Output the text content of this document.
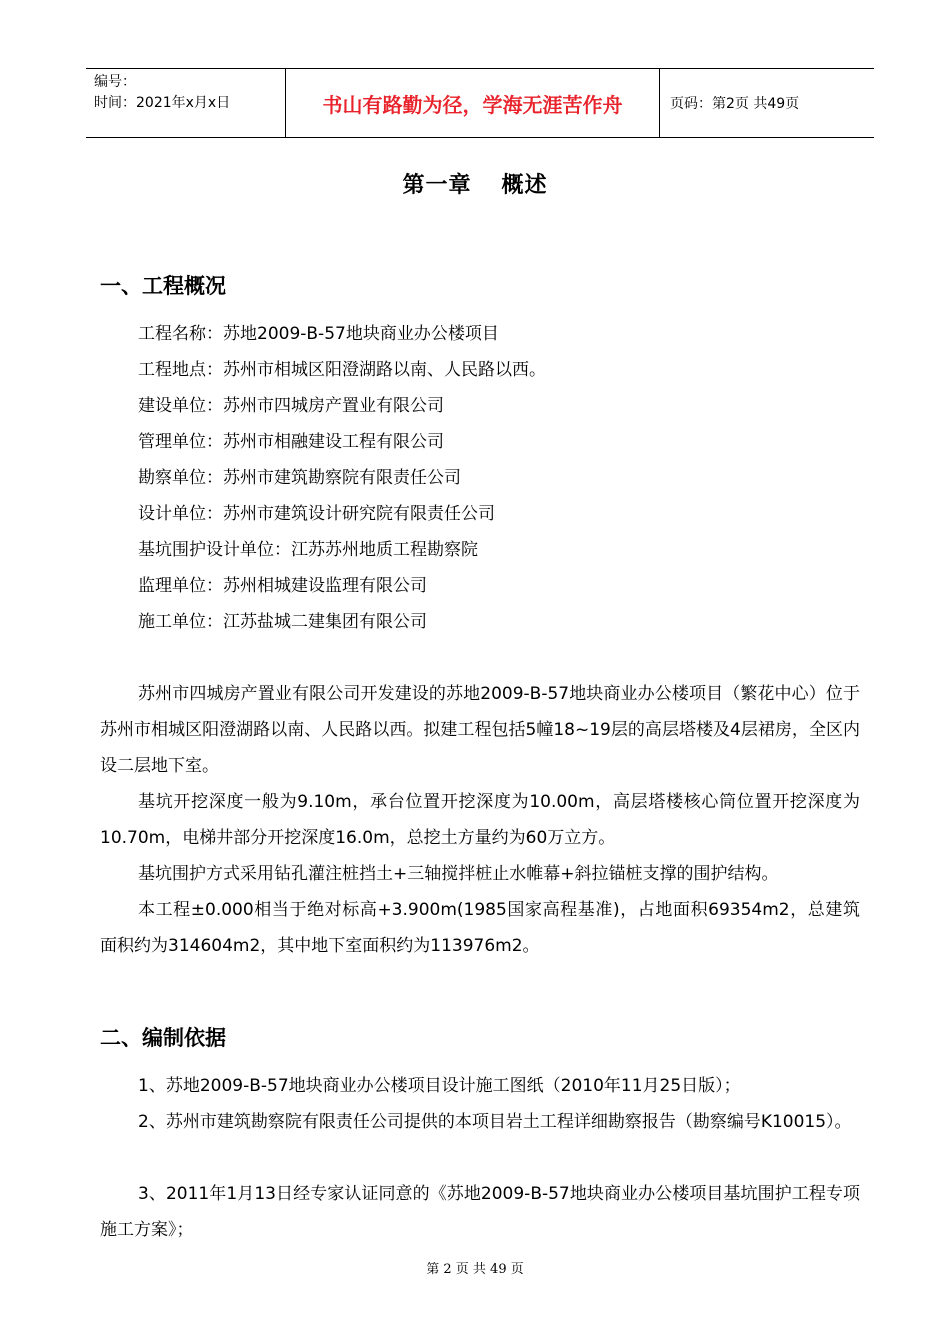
编号：
时间：2021年x月x日	书山有路勤为径，学海无涯苦作舟	页码：第2页 共49页
第一章 概述
一、工程概况
工程名称：苏地2009-B-57地块商业办公楼项目
工程地点：苏州市相城区阳澄湖路以南、人民路以西。
建设单位：苏州市四城房产置业有限公司
管理单位：苏州市相融建设工程有限公司
勘察单位：苏州市建筑勘察院有限责任公司
设计单位：苏州市建筑设计研究院有限责任公司
基坑围护设计单位：江苏苏州地质工程勘察院
监理单位：苏州相城建设监理有限公司
施工单位：江苏盐城二建集团有限公司
苏州市四城房产置业有限公司开发建设的苏地2009-B-57地块商业办公楼项目（繁花中心）位于苏州市相城区阳澄湖路以南、人民路以西。拟建工程包括5幢18~19层的高层塔楼及4层裙房，全区内设二层地下室。
基坑开挖深度一般为9.10m，承台位置开挖深度为10.00m，高层塔楼核心筒位置开挖深度为10.70m，电梯井部分开挖深度16.0m，总挖土方量约为60万立方。
基坑围护方式采用钻孔灌注桩挡土+三轴搅拌桩止水帷幕+斜拉锚桩支撑的围护结构。
本工程±0.000相当于绝对标高+3.900m(1985国家高程基准)，占地面积69354m2，总建筑面积约为314604m2，其中地下室面积约为113976m2。
二、编制依据
1、苏地2009-B-57地块商业办公楼项目设计施工图纸（2010年11月25日版）；
2、苏州市建筑勘察院有限责任公司提供的本项目岩土工程详细勘察报告（勘察编号K10015）。
3、2011年1月13日经专家认证同意的《苏地2009-B-57地块商业办公楼项目基坑围护工程专项施工方案》；
第 2 页 共 49 页
